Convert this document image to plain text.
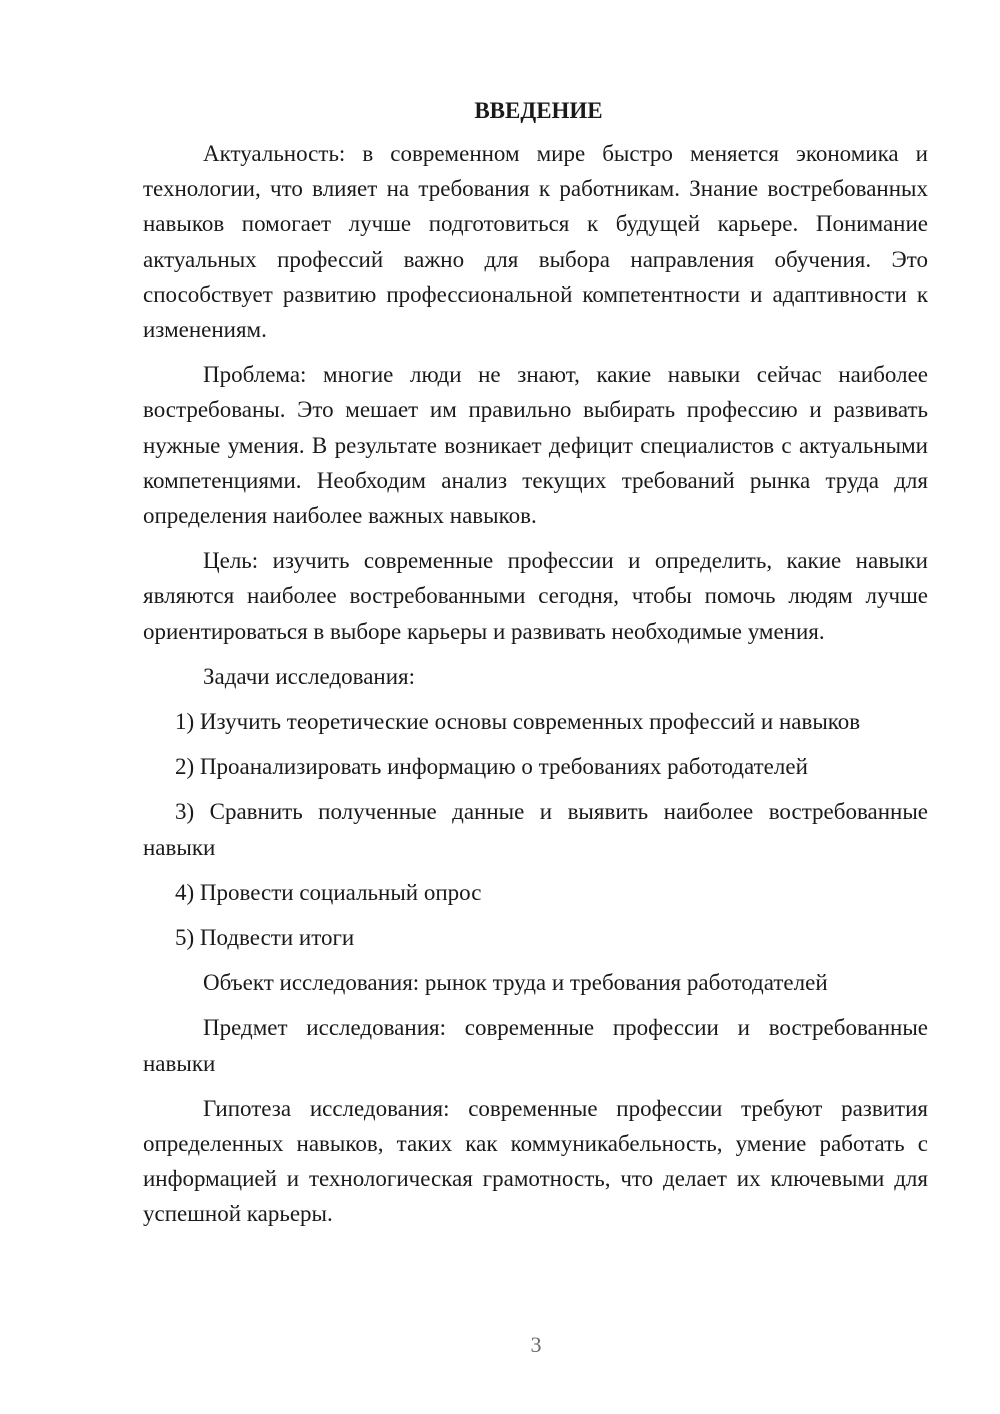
ВВЕДЕНИЕ

Актуальность: в современном мире быстро меняется экономика и технологии, что влияет на требования к работникам. Знание востребованных навыков помогает лучше подготовиться к будущей карьере. Понимание актуальных профессий важно для выбора направления обучения. Это способствует развитию профессиональной компетентности и адаптивности к изменениям.

Проблема: многие люди не знают, какие навыки сейчас наиболее востребованы. Это мешает им правильно выбирать профессию и развивать нужные умения. В результате возникает дефицит специалистов с актуальными компетенциями. Необходим анализ текущих требований рынка труда для определения наиболее важных навыков.

Цель: изучить современные профессии и определить, какие навыки являются наиболее востребованными сегодня, чтобы помочь людям лучше ориентироваться в выборе карьеры и развивать необходимые умения.

Задачи исследования:

1) Изучить теоретические основы современных профессий и навыков

2) Проанализировать информацию о требованиях работодателей

3) Сравнить полученные данные и выявить наиболее востребованные навыки

4) Провести социальный опрос

5) Подвести итоги

Объект исследования: рынок труда и требования работодателей

Предмет исследования: современные профессии и востребованные навыки

Гипотеза исследования: современные профессии требуют развития определенных навыков, таких как коммуникабельность, умение работать с информацией и технологическая грамотность, что делает их ключевыми для успешной карьеры.

3
